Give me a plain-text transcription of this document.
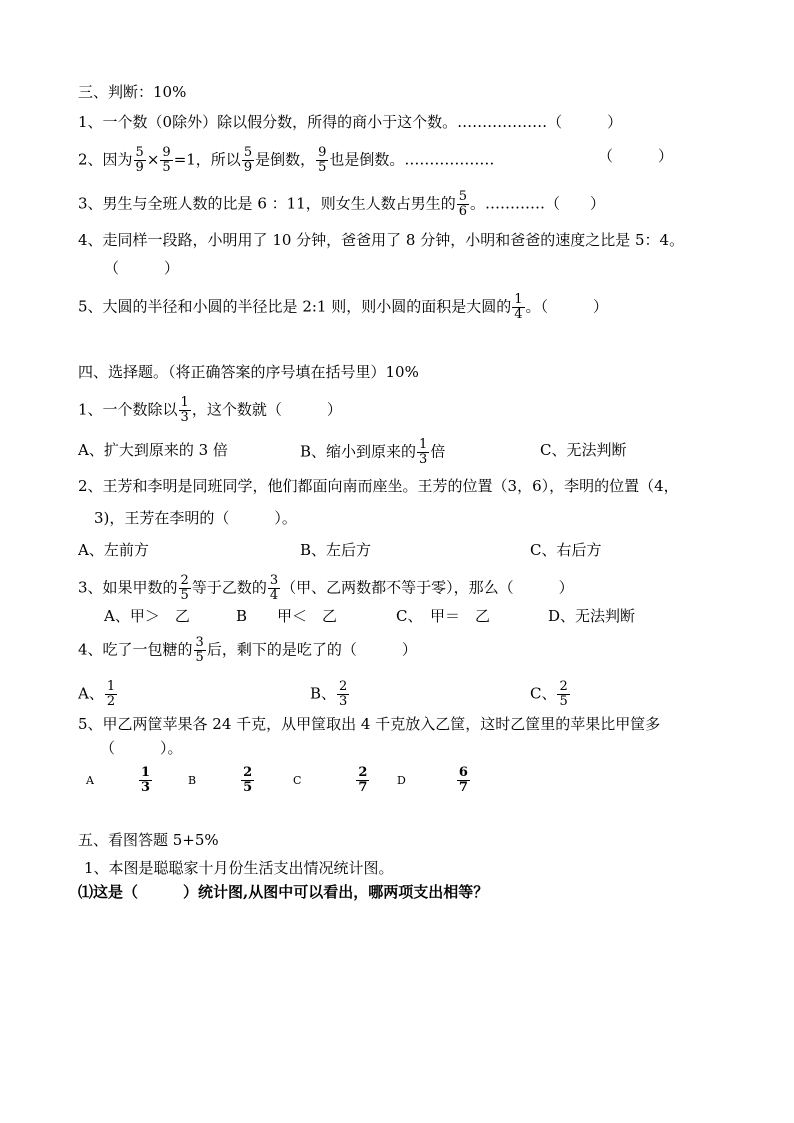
三、判断：10%
1、一个数（0除外）除以假分数，所得的商小于这个数。………………（　　　）
2、因为 $\frac{5}{9} \times \frac{9}{5} =1$，所以 $\frac{5}{9}$ 是倒数， $\frac{9}{5}$ 也是倒数。………………	（　　　）
3、男生与全班人数的比是 6 ：11，则女生人数占男生的 $\frac{5}{6}$ 。…………（　　）
4、走同样一段路，小明用了 10 分钟，爸爸用了 8 分钟，小明和爸爸的速度之比是 5：4。
（　　　）
5、大圆的半径和小圆的半径比是 2:1 则，则小圆的面积是大圆的 $\frac{1}{4}$ 。（　　　）
四、选择题。（将正确答案的序号填在括号里）10%
1、一个数除以 $\frac{1}{3}$ ，这个数就（　　　）
A、扩大到原来的 3 倍	B、缩小到原来的 $\frac{1}{3}$ 倍	C、无法判断
2、王芳和李明是同班同学，他们都面向南而座坐。王芳的位置（3，6），李明的位置（4，
3)，王芳在李明的（　　　）。
A、左前方	B、左后方	C、右后方
3、如果甲数的 $\frac{2}{5}$ 等于乙数的 $\frac{3}{4}$ （甲、乙两数都不等于零），那么（　　　）
A、甲＞　乙	B　　甲＜　乙	C、　甲＝　乙	D、无法判断
4、吃了一包糖的 $\frac{3}{5}$ 后，剩下的是吃了的（　　　）
A、 $\frac{1}{2}$	B、 $\frac{2}{3}$	C、 $\frac{2}{5}$
5、甲乙两筐苹果各 24 千克，从甲筐取出 4 千克放入乙筐，这时乙筐里的苹果比甲筐多
（　　　）。
A	$\frac{1}{3}$	B	$\frac{2}{5}$	C	$\frac{2}{7}$	D	$\frac{6}{7}$
五、看图答题 5+5%
1、本图是聪聪家十月份生活支出情况统计图。
⑴这是（　　　）统计图,从图中可以看出，哪两项支出相等？
